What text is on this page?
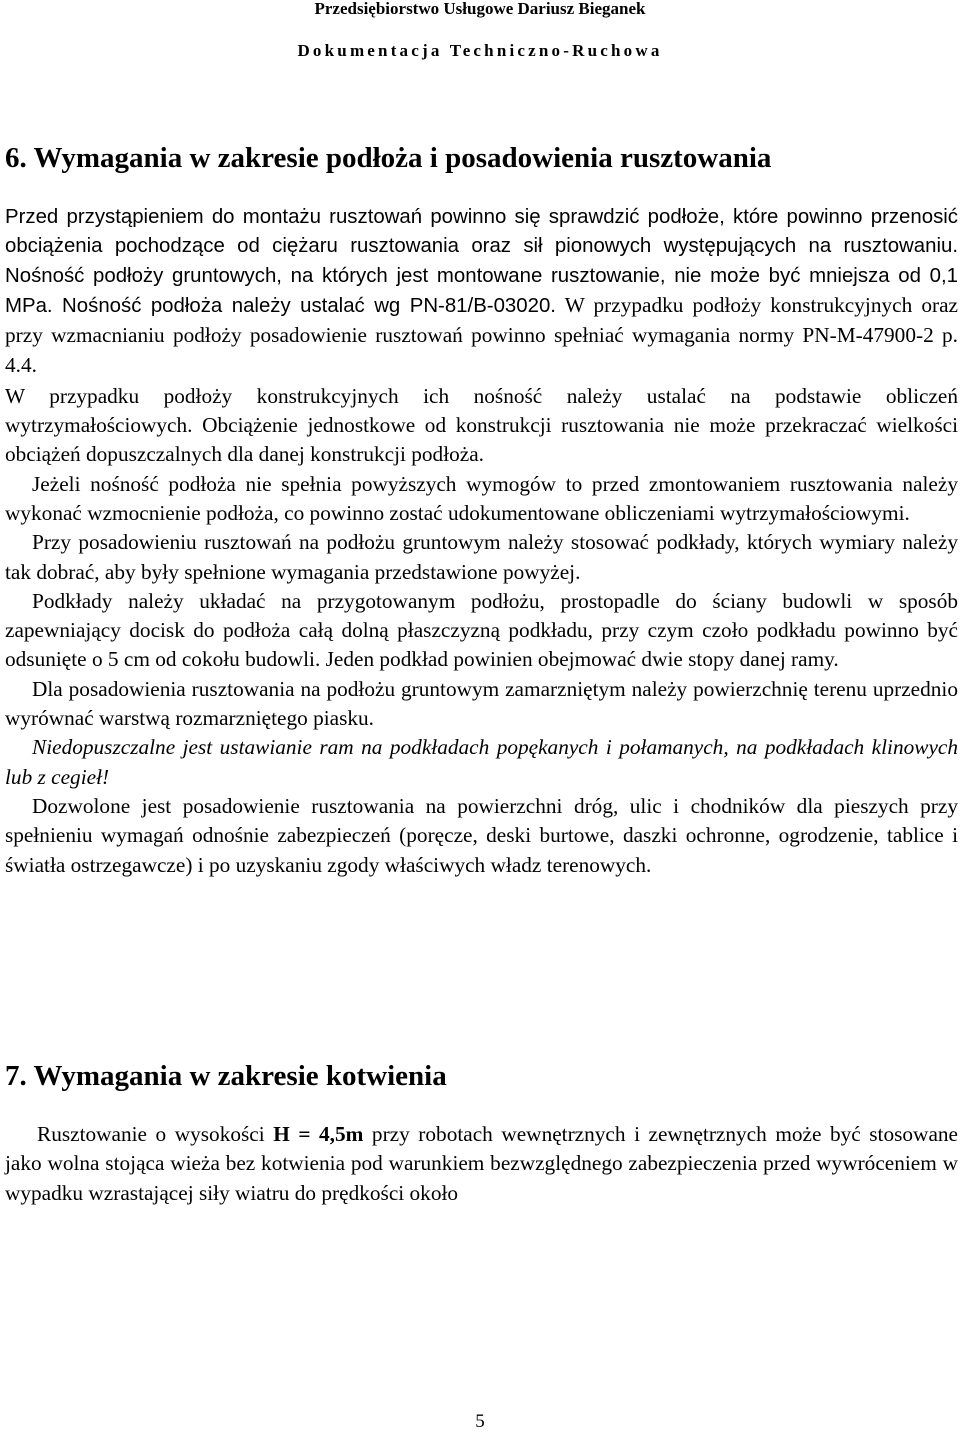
Przedsiębiorstwo Usługowe Dariusz Bieganek
Dokumentacja Techniczno-Ruchowa
6. Wymagania w zakresie podłoża i posadowienia rusztowania

Przed przystąpieniem do montażu rusztowań powinno się sprawdzić podłoże, które powinno przenosić obciążenia pochodzące od ciężaru rusztowania oraz sił pionowych występujących na rusztowaniu. Nośność podłoży gruntowych, na których jest montowane rusztowanie, nie może być mniejsza od 0,1 MPa. Nośność podłoża należy ustalać wg PN-81/B-03020. W przypadku podłoży konstrukcyjnych oraz przy wzmacnianiu podłoży posadowienie rusztowań powinno spełniać wymagania normy PN-M-47900-2 p. 4.4.

W przypadku podłoży konstrukcyjnych ich nośność należy ustalać na podstawie obliczeń wytrzymałościowych. Obciążenie jednostkowe od konstrukcji rusztowania nie może przekraczać wielkości obciążeń dopuszczalnych dla danej konstrukcji podłoża.

Jeżeli nośność podłoża nie spełnia powyższych wymogów to przed zmontowaniem rusztowania należy wykonać wzmocnienie podłoża, co powinno zostać udokumentowane obliczeniami wytrzymałościowymi.

Przy posadowieniu rusztowań na podłożu gruntowym należy stosować podkłady, których wymiary należy tak dobrać, aby były spełnione wymagania przedstawione powyżej.

Podkłady należy układać na przygotowanym podłożu, prostopadle do ściany budowli w sposób zapewniający docisk do podłoża całą dolną płaszczyzną podkładu, przy czym czoło podkładu powinno być odsunięte o 5 cm od cokołu budowli. Jeden podkład powinien obejmować dwie stopy danej ramy.

Dla posadowienia rusztowania na podłożu gruntowym zamarzniętym należy powierzchnię terenu uprzednio wyrównać warstwą rozmarzniętego piasku.

Niedopuszczalne jest ustawianie ram na podkładach popękanych i połamanych, na podkładach klinowych lub z cegieł!

Dozwolone jest posadowienie rusztowania na powierzchni dróg, ulic i chodników dla pieszych przy spełnieniu wymagań odnośnie zabezpieczeń (poręcze, deski burtowe, daszki ochronne, ogrodzenie, tablice i światła ostrzegawcze) i po uzyskaniu zgody właściwych władz terenowych.

7. Wymagania w zakresie kotwienia

Rusztowanie o wysokości H = 4,5m przy robotach wewnętrznych i zewnętrznych może być stosowane jako wolna stojąca wieża bez kotwienia pod warunkiem bezwzględnego zabezpieczenia przed wywróceniem w wypadku wzrastającej siły wiatru do prędkości około

5
